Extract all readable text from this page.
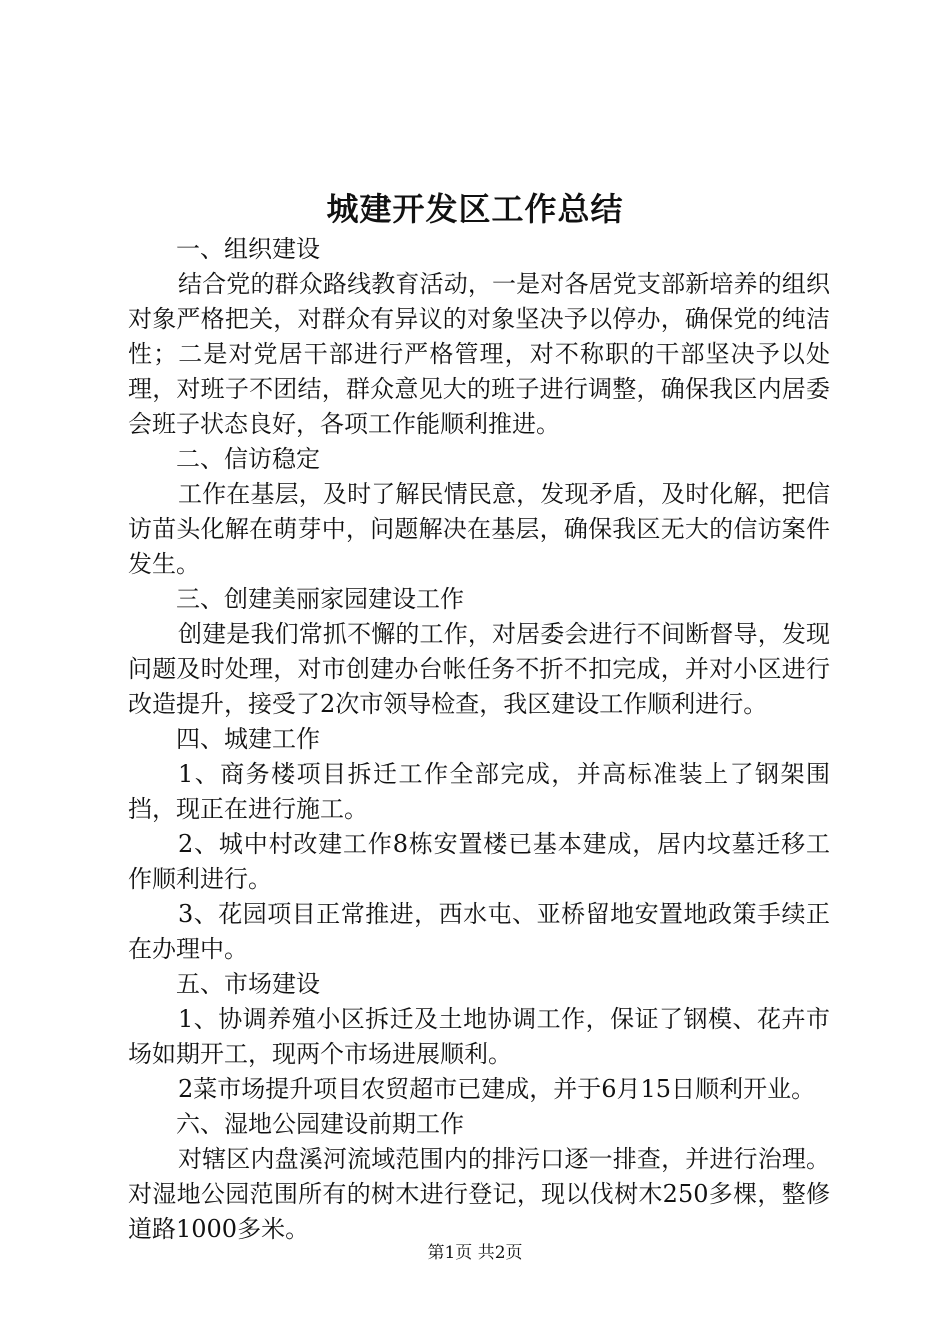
城建开发区工作总结

一、组织建设

结合党的群众路线教育活动，一是对各居党支部新培养的组织对象严格把关，对群众有异议的对象坚决予以停办，确保党的纯洁性；二是对党居干部进行严格管理，对不称职的干部坚决予以处理，对班子不团结，群众意见大的班子进行调整，确保我区内居委会班子状态良好，各项工作能顺利推进。

二、信访稳定

工作在基层，及时了解民情民意，发现矛盾，及时化解，把信访苗头化解在萌芽中，问题解决在基层，确保我区无大的信访案件发生。

三、创建美丽家园建设工作

创建是我们常抓不懈的工作，对居委会进行不间断督导，发现问题及时处理，对市创建办台帐任务不折不扣完成，并对小区进行改造提升，接受了2次市领导检查，我区建设工作顺利进行。

四、城建工作

1、商务楼项目拆迁工作全部完成，并高标准装上了钢架围挡，现正在进行施工。

2、城中村改建工作8栋安置楼已基本建成，居内坟墓迁移工作顺利进行。

3、花园项目正常推进，西水屯、亚桥留地安置地政策手续正在办理中。

五、市场建设

1、协调养殖小区拆迁及土地协调工作，保证了钢模、花卉市场如期开工，现两个市场进展顺利。

2菜市场提升项目农贸超市已建成，并于6月15日顺利开业。

六、湿地公园建设前期工作

对辖区内盘溪河流域范围内的排污口逐一排查，并进行治理。对湿地公园范围所有的树木进行登记，现以伐树木250多棵，整修道路1000多米。

第1页 共2页
